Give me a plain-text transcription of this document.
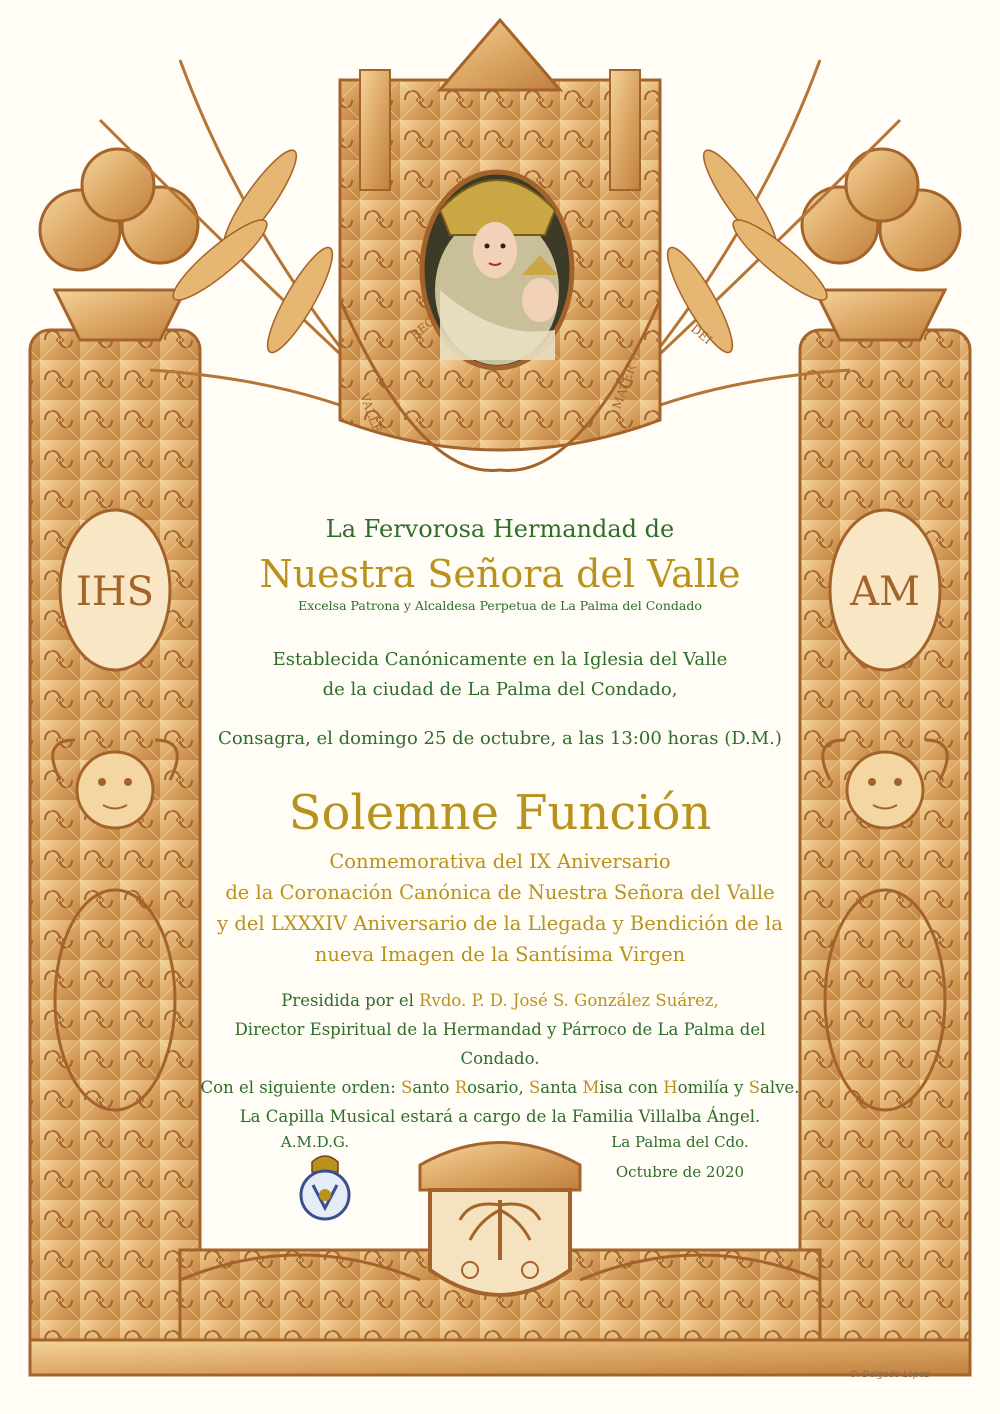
IHS	AM
VALLE
MATER
DEI
La Fervorosa Hermandad de
Nuestra Señora del Valle
Excelsa Patrona y Alcaldesa Perpetua de La Palma del Condado
Establecida Canónicamente en la Iglesia del Valle
de la ciudad de La Palma del Condado,
Consagra, el domingo 25 de octubre, a las 13:00 horas (D.M.)
Solemne Función
Conmemorativa del IX Aniversario
de la Coronación Canónica de Nuestra Señora del Valle
y del LXXXIV Aniversario de la Llegada y Bendición de la
nueva Imagen de la Santísima Virgen
Presidida por el Rvdo. P. D. José S. González Suárez,
Director Espiritual de la Hermandad y Párroco de La Palma del Condado.
Con el siguiente orden: Santo Rosario, Santa Misa con Homilía y Salve.
La Capilla Musical estará a cargo de la Familia Villalba Ángel.
A.M.D.G.	La Palma del Cdo.
Octubre de 2020
O. Delgado López
